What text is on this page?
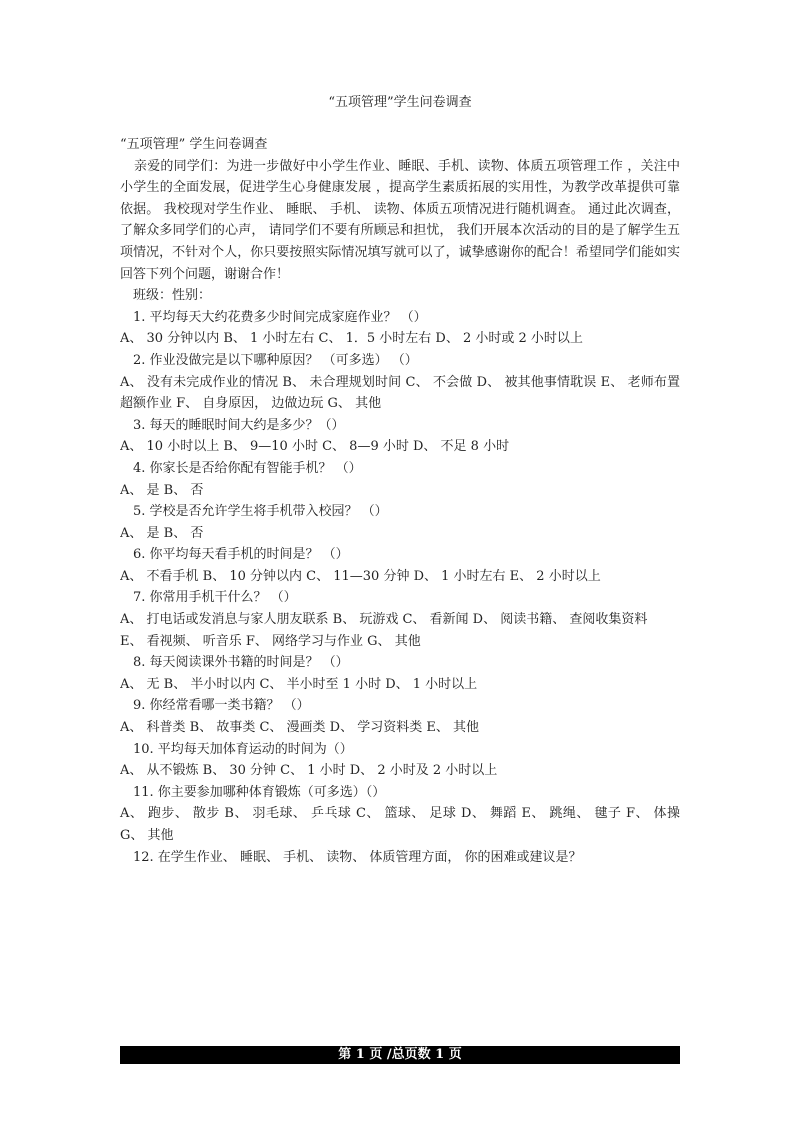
“五项管理”学生问卷调查
“五项管理” 学生问卷调查
亲爱的同学们：为进一步做好中小学生作业、睡眠、手机、读物、体质五项管理工作 ，关注中小学生的全面发展，促进学生心身健康发展 ，提高学生素质拓展的实用性，为教学改革提供可靠依据。 我校现对学生作业、 睡眠、 手机、 读物、体质五项情况进行随机调查。 通过此次调查，了解众多同学们的心声， 请同学们不要有所顾忌和担忧， 我们开展本次活动的目的是了解学生五项情况，不针对个人，你只要按照实际情况填写就可以了，诚挚感谢你的配合！希望同学们能如实回答下列个问题，谢谢合作！
班级：性别：
1. 平均每天大约花费多少时间完成家庭作业？ （）
A、 30 分钟以内 B、 1 小时左右 C、 1．5 小时左右 D、 2 小时或 2 小时以上
2. 作业没做完是以下哪种原因？ （可多选） （）
A、 没有未完成作业的情况 B、 未合理规划时间 C、 不会做 D、 被其他事情耽误 E、 老师布置超额作业 F、 自身原因， 边做边玩 G、 其他
3. 每天的睡眠时间大约是多少？（）
A、 10 小时以上 B、 9—10 小时 C、 8—9 小时 D、 不足 8 小时
4. 你家长是否给你配有智能手机？ （）
A、 是 B、 否
5. 学校是否允许学生将手机带入校园？ （）
A、 是 B、 否
6. 你平均每天看手机的时间是？ （）
A、 不看手机 B、 10 分钟以内 C、 11—30 分钟 D、 1 小时左右 E、 2 小时以上
7. 你常用手机干什么？ （）
A、 打电话或发消息与家人朋友联系 B、 玩游戏 C、 看新闻 D、 阅读书籍、 查阅收集资料
E、 看视频、 听音乐 F、 网络学习与作业 G、 其他
8. 每天阅读课外书籍的时间是？ （）
A、 无 B、 半小时以内 C、 半小时至 1 小时 D、 1 小时以上
9. 你经常看哪一类书籍？ （）
A、 科普类 B、 故事类 C、 漫画类 D、 学习资料类 E、 其他
10. 平均每天加体育运动的时间为（）
A、 从不锻炼 B、 30 分钟 C、 1 小时 D、 2 小时及 2 小时以上
11. 你主要参加哪种体育锻炼（可多选）（）
A、 跑步、 散步 B、 羽毛球、 乒乓球 C、 篮球、 足球 D、 舞蹈 E、 跳绳、 毽子 F、 体操 G、 其他
12. 在学生作业、 睡眠、 手机、 读物、 体质管理方面， 你的困难或建议是？
第 1 页 /总页数 1 页
